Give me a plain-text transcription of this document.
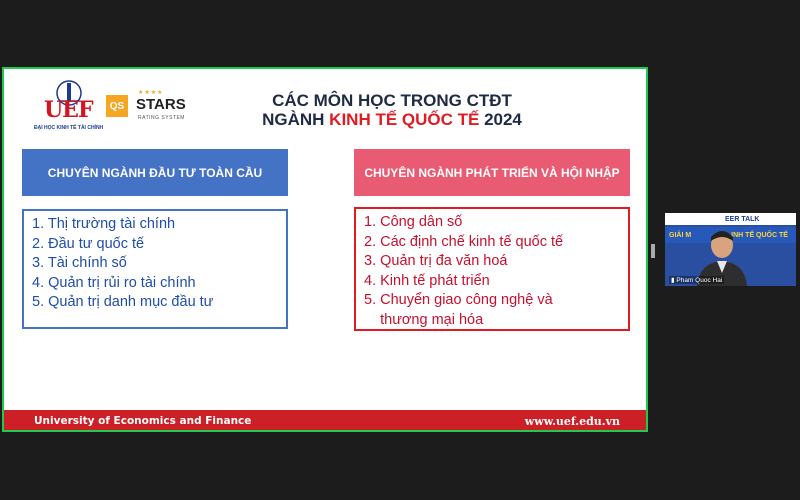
UEF
ĐẠI HỌC KINH TẾ TÀI CHÍNH
QS
★★★★
STARS
RATING SYSTEM
CÁC MÔN HỌC TRONG CTĐT
NGÀNH KINH TẾ QUỐC TẾ 2024
CHUYÊN NGÀNH ĐẦU TƯ TOÀN CẦU	CHUYÊN NGÀNH PHÁT TRIỂN VÀ HỘI NHẬP
1. Thị trường tài chính
2. Đầu tư quốc tế
3. Tài chính số
4. Quản trị rủi ro tài chính
5. Quản trị danh mục đầu tư
1. Công dân số
2. Các định chế kinh tế quốc tế
3. Quản trị đa văn hoá
4. Kinh tế phát triển
5. Chuyển giao công nghệ và
thương mại hóa
University of Economics and Finance	www.uef.edu.vn
EER TALK
GIẢI M	INH TẾ QUỐC TẾ
▮ Pham Quoc Hai
